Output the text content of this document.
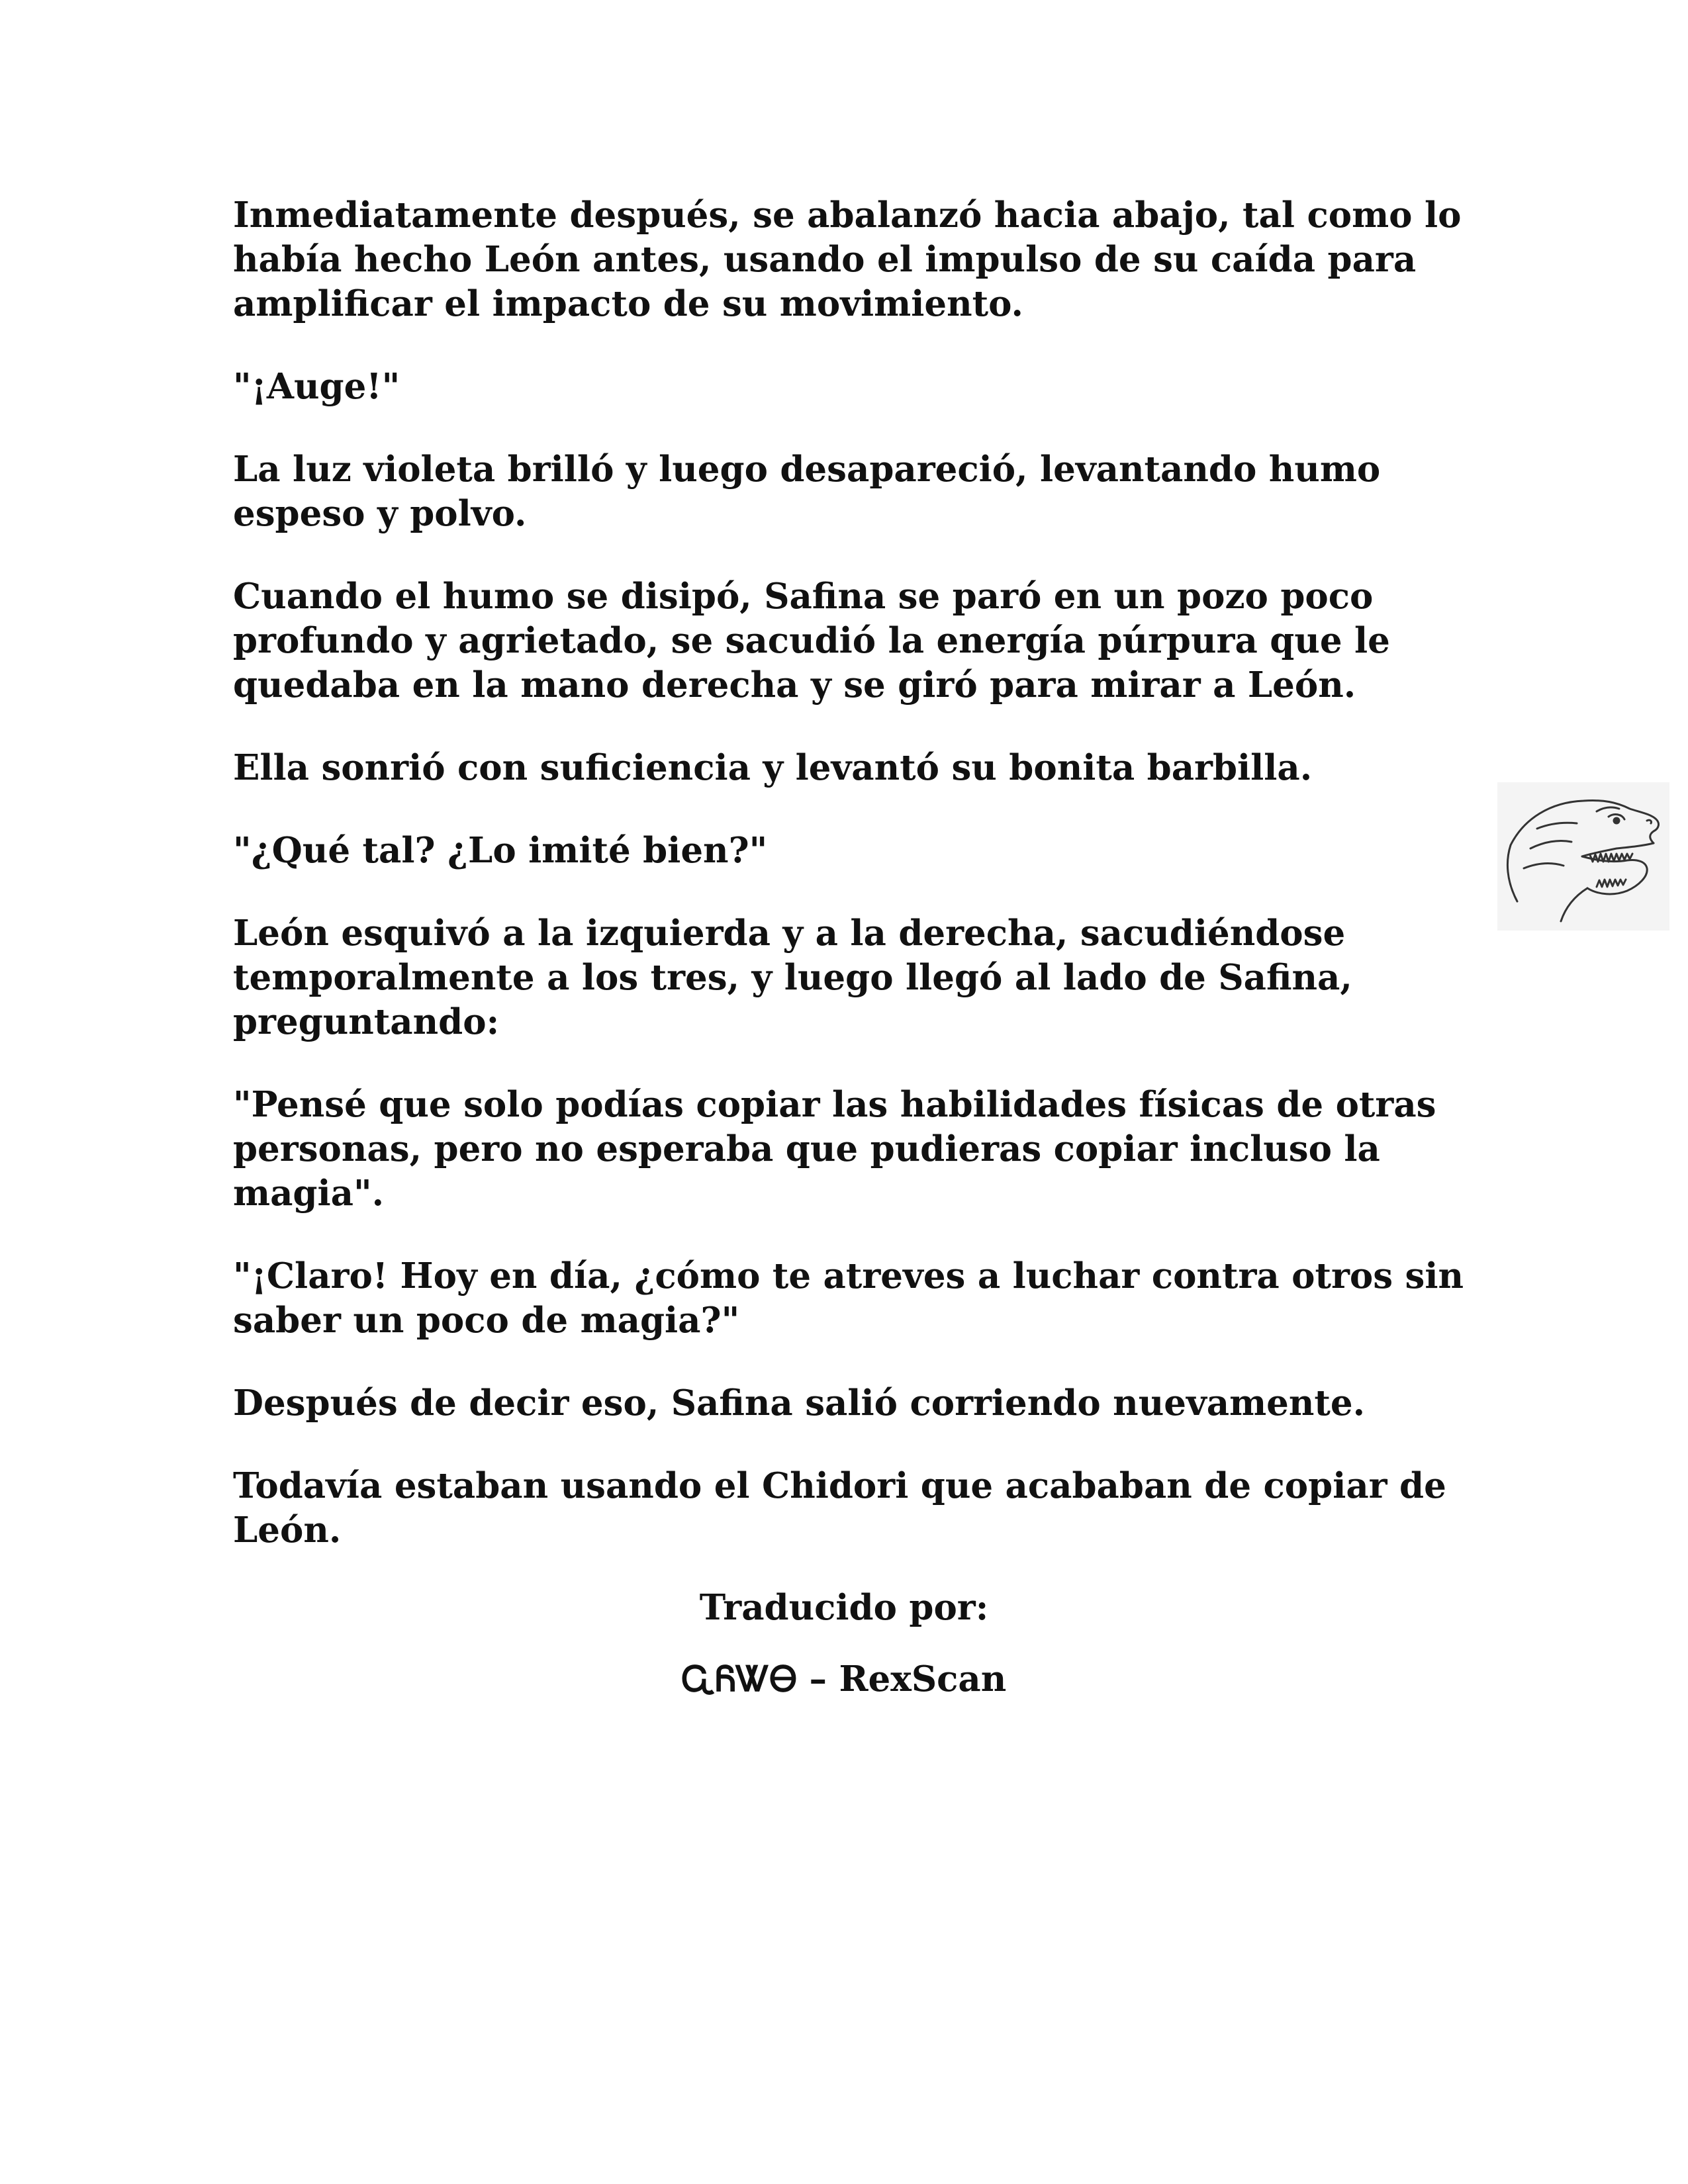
Inmediatamente después, se abalanzó hacia abajo, tal como lo había hecho León antes, usando el impulso de su caída para amplificar el impacto de su movimiento.

"¡Auge!"

La luz violeta brilló y luego desapareció, levantando humo espeso y polvo.

Cuando el humo se disipó, Safina se paró en un pozo poco profundo y agrietado, se sacudió la energía púrpura que le quedaba en la mano derecha y se giró para mirar a León.

Ella sonrió con suficiencia y levantó su bonita barbilla.

"¿Qué tal? ¿Lo imité bien?"

León esquivó a la izquierda y a la derecha, sacudiéndose temporalmente a los tres, y luego llegó al lado de Safina, preguntando:

"Pensé que solo podías copiar las habilidades físicas de otras personas, pero no esperaba que pudieras copiar incluso la magia".

"¡Claro! Hoy en día, ¿cómo te atreves a luchar contra otros sin saber un poco de magia?"

Después de decir eso, Safina salió corriendo nuevamente.

Todavía estaban usando el Chidori que acababan de copiar de León.

Traducido por:
ᏩᏲᏔᎾ – RexScan
